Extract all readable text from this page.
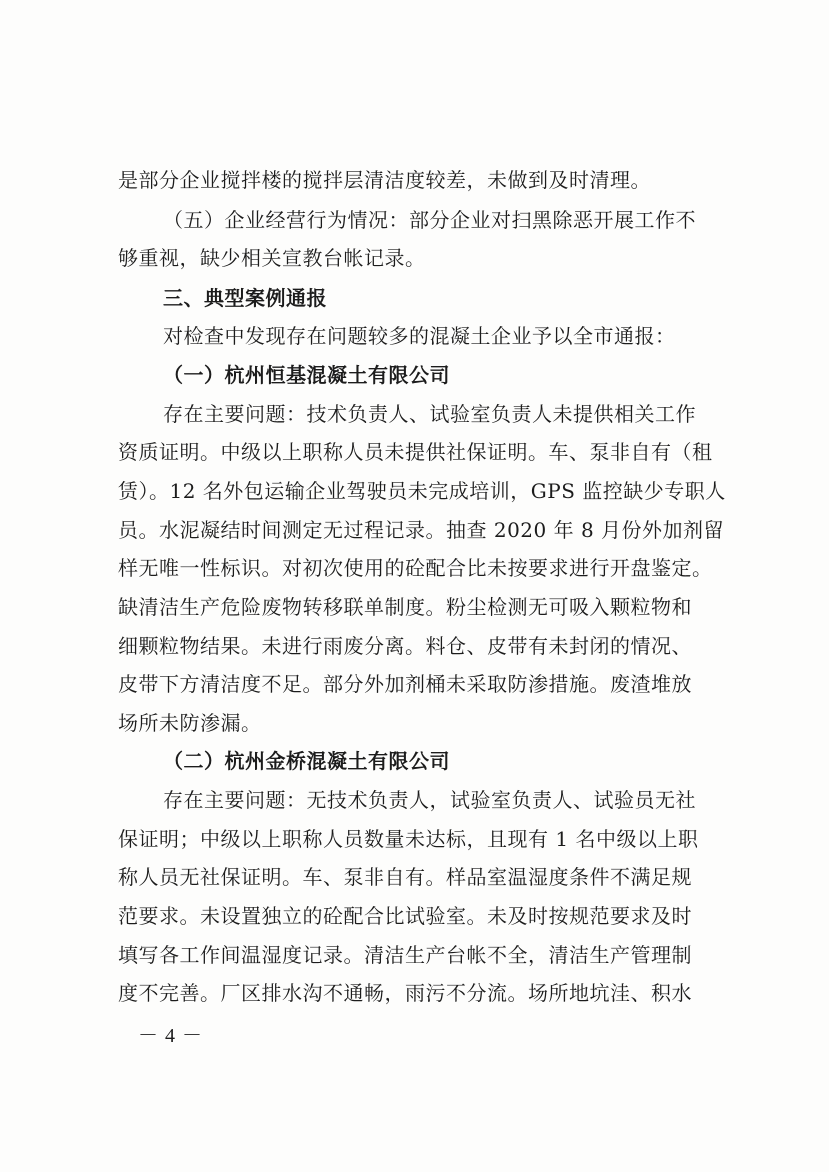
是部分企业搅拌楼的搅拌层清洁度较差，未做到及时清理。
（五）企业经营行为情况：部分企业对扫黑除恶开展工作不
够重视，缺少相关宣教台帐记录。
三、典型案例通报
对检查中发现存在问题较多的混凝土企业予以全市通报：
（一）杭州恒基混凝土有限公司
存在主要问题：技术负责人、试验室负责人未提供相关工作
资质证明。中级以上职称人员未提供社保证明。车、泵非自有（租
赁）。12 名外包运输企业驾驶员未完成培训，GPS 监控缺少专职人
员。水泥凝结时间测定无过程记录。抽查 2020 年 8 月份外加剂留
样无唯一性标识。对初次使用的砼配合比未按要求进行开盘鉴定。
缺清洁生产危险废物转移联单制度。粉尘检测无可吸入颗粒物和
细颗粒物结果。未进行雨废分离。料仓、皮带有未封闭的情况、
皮带下方清洁度不足。部分外加剂桶未采取防渗措施。废渣堆放
场所未防渗漏。
（二）杭州金桥混凝土有限公司
存在主要问题：无技术负责人，试验室负责人、试验员无社
保证明；中级以上职称人员数量未达标，且现有 1 名中级以上职
称人员无社保证明。车、泵非自有。样品室温湿度条件不满足规
范要求。未设置独立的砼配合比试验室。未及时按规范要求及时
填写各工作间温湿度记录。清洁生产台帐不全，清洁生产管理制
度不完善。厂区排水沟不通畅，雨污不分流。场所地坑洼、积水
－ 4 －
